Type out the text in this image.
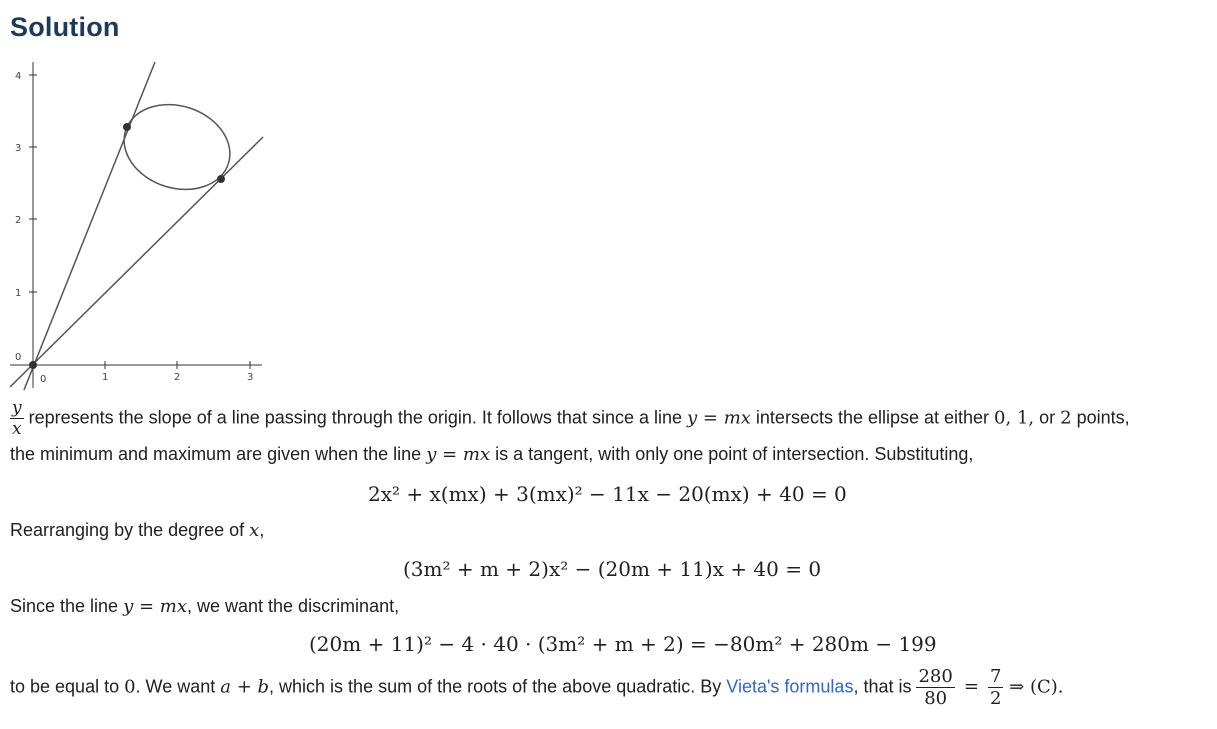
Solution
4
3
2
1
0
0	1	2	3
$\frac{y}{x}$ represents the slope of a line passing through the origin. It follows that since a line y = mx intersects the ellipse at either 0, 1, or 2 points,
the minimum and maximum are given when the line y = mx is a tangent, with only one point of intersection. Substituting,
2x² + x(mx) + 3(mx)² − 11x − 20(mx) + 40 = 0
Rearranging by the degree of x,
(3m² + m + 2)x² − (20m + 11)x + 40 = 0
Since the line y = mx, we want the discriminant,
(20m + 11)² − 4 · 40 · (3m² + m + 2) = −80m² + 280m − 199
to be equal to 0. We want a + b, which is the sum of the roots of the above quadratic. By Vieta's formulas, that is $\frac{280}{80} = \frac{7}{2}$ ⇒ (C).
